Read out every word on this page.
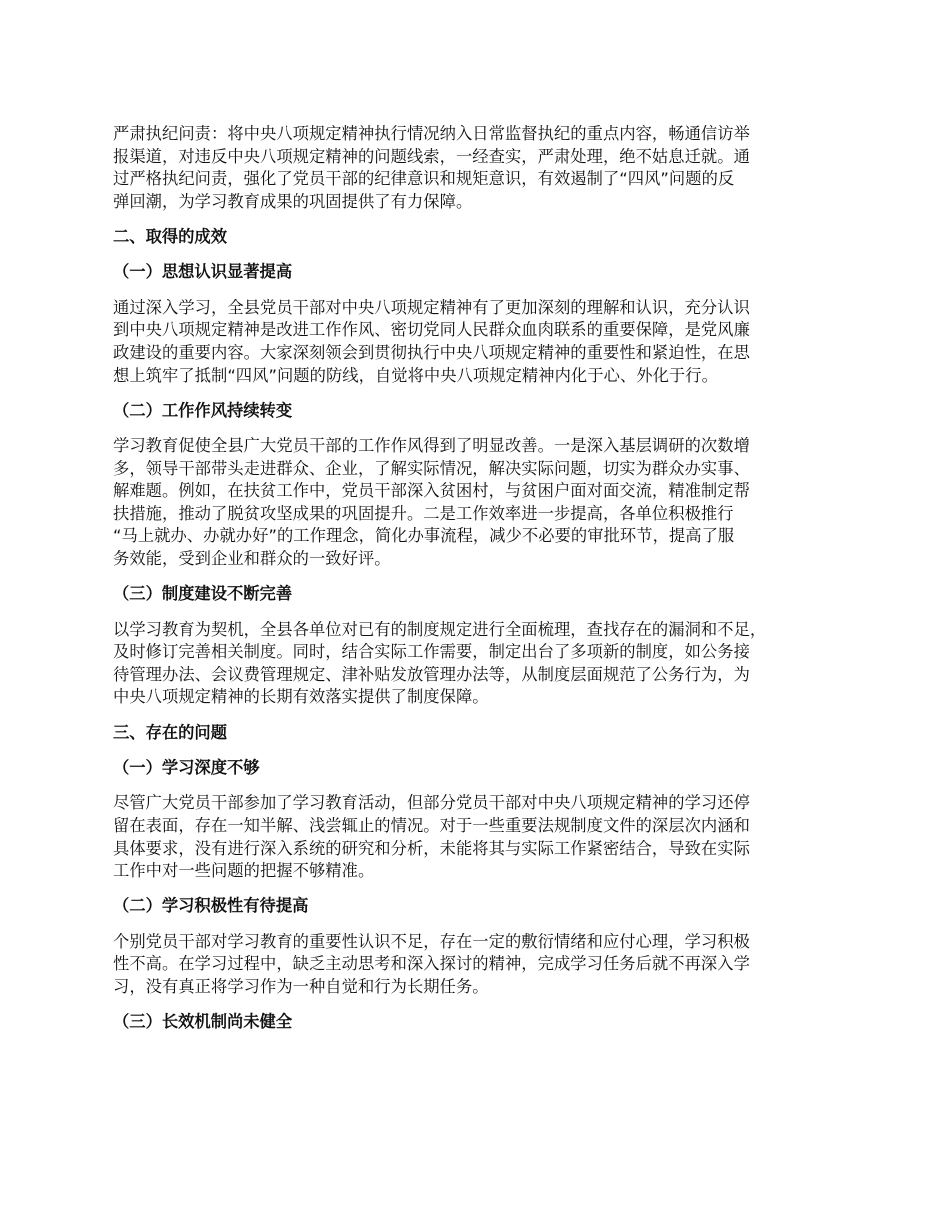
严肃执纪问责：将中央八项规定精神执行情况纳入日常监督执纪的重点内容，畅通信访举
报渠道，对违反中央八项规定精神的问题线索，一经查实，严肃处理，绝不姑息迁就。通
过严格执纪问责，强化了党员干部的纪律意识和规矩意识，有效遏制了“四风”问题的反
弹回潮，为学习教育成果的巩固提供了有力保障。

二、取得的成效
（一）思想认识显著提高

通过深入学习，全县党员干部对中央八项规定精神有了更加深刻的理解和认识，充分认识
到中央八项规定精神是改进工作作风、密切党同人民群众血肉联系的重要保障，是党风廉
政建设的重要内容。大家深刻领会到贯彻执行中央八项规定精神的重要性和紧迫性，在思
想上筑牢了抵制“四风”问题的防线，自觉将中央八项规定精神内化于心、外化于行。

（二）工作作风持续转变

学习教育促使全县广大党员干部的工作作风得到了明显改善。一是深入基层调研的次数增
多，领导干部带头走进群众、企业，了解实际情况，解决实际问题，切实为群众办实事、
解难题。例如，在扶贫工作中，党员干部深入贫困村，与贫困户面对面交流，精准制定帮
扶措施，推动了脱贫攻坚成果的巩固提升。二是工作效率进一步提高，各单位积极推行
“马上就办、办就办好”的工作理念，简化办事流程，减少不必要的审批环节，提高了服
务效能，受到企业和群众的一致好评。

（三）制度建设不断完善

以学习教育为契机，全县各单位对已有的制度规定进行全面梳理，查找存在的漏洞和不足，
及时修订完善相关制度。同时，结合实际工作需要，制定出台了多项新的制度，如公务接
待管理办法、会议费管理规定、津补贴发放管理办法等，从制度层面规范了公务行为，为
中央八项规定精神的长期有效落实提供了制度保障。

三、存在的问题
（一）学习深度不够

尽管广大党员干部参加了学习教育活动，但部分党员干部对中央八项规定精神的学习还停
留在表面，存在一知半解、浅尝辄止的情况。对于一些重要法规制度文件的深层次内涵和
具体要求，没有进行深入系统的研究和分析，未能将其与实际工作紧密结合，导致在实际
工作中对一些问题的把握不够精准。

（二）学习积极性有待提高

个别党员干部对学习教育的重要性认识不足，存在一定的敷衍情绪和应付心理，学习积极
性不高。在学习过程中，缺乏主动思考和深入探讨的精神，完成学习任务后就不再深入学
习，没有真正将学习作为一种自觉和行为长期任务。

（三）长效机制尚未健全
